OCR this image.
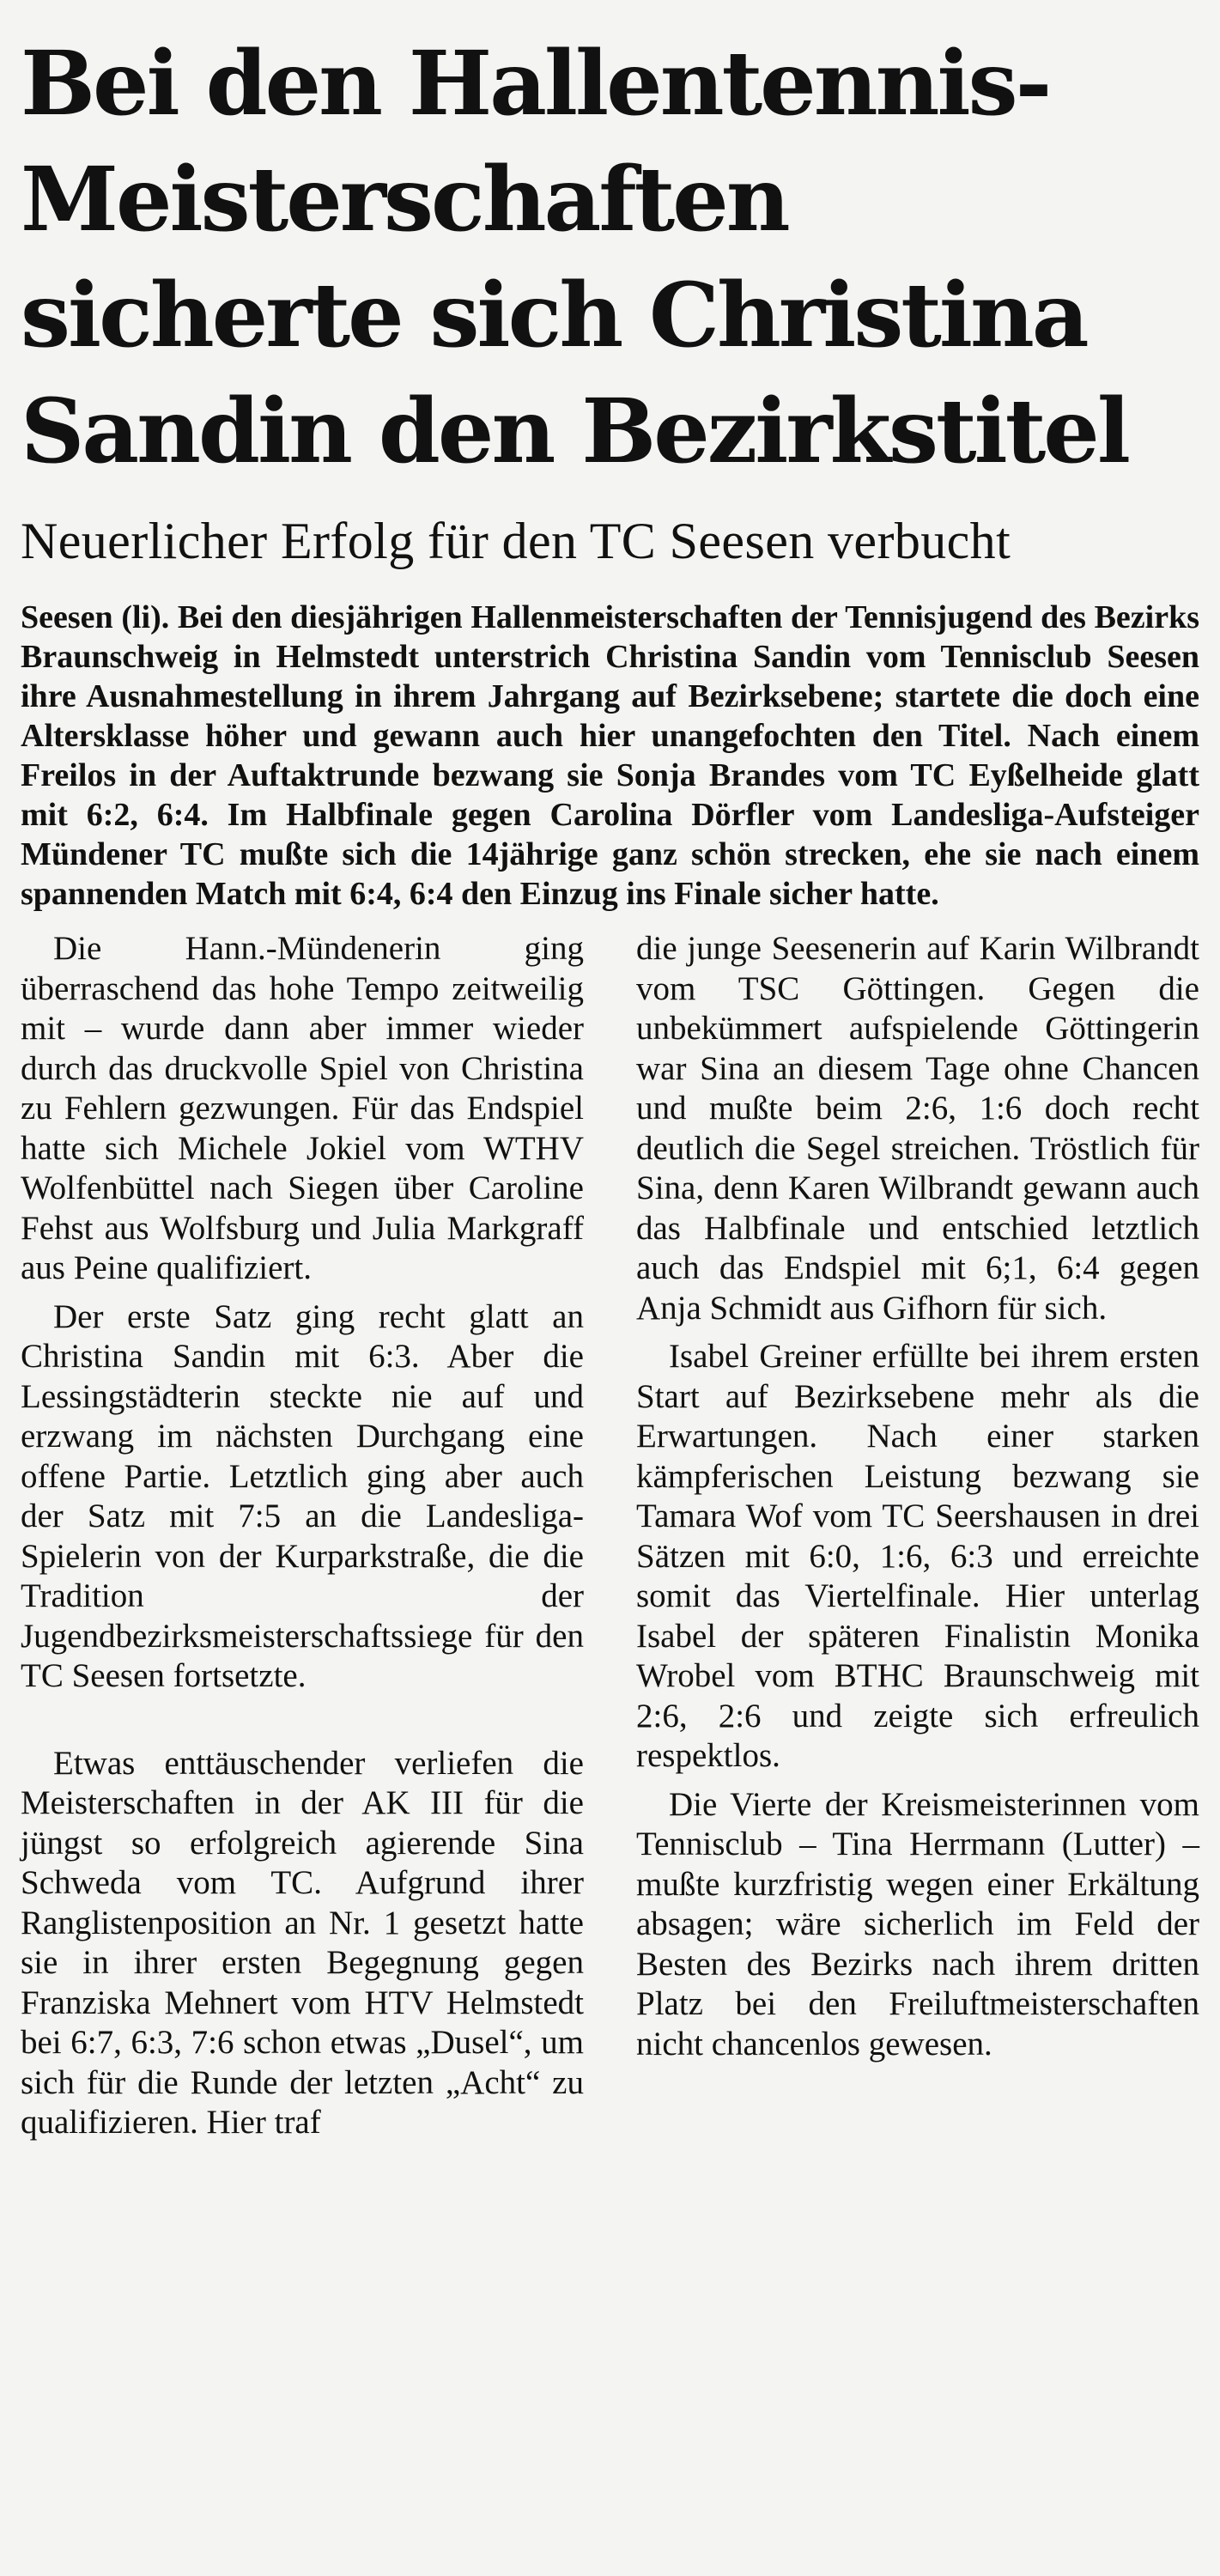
Bei den Hallentennis-
Meisterschaften
sicherte sich Christina
Sandin den Bezirkstitel
Neuerlicher Erfolg für den TC Seesen verbucht
Seesen (li). Bei den diesjährigen Hallenmeisterschaften der Tennisjugend des Bezirks Braunschweig in Helmstedt unterstrich Christina Sandin vom Tennisclub Seesen ihre Ausnahmestellung in ihrem Jahrgang auf Bezirksebene; startete die doch eine Altersklasse höher und gewann auch hier unangefochten den Titel. Nach einem Freilos in der Auftaktrunde bezwang sie Sonja Brandes vom TC Eyßelheide glatt mit 6:2, 6:4. Im Halbfinale gegen Carolina Dörfler vom Landesliga-Aufsteiger Mündener TC mußte sich die 14jährige ganz schön strecken, ehe sie nach einem spannenden Match mit 6:4, 6:4 den Einzug ins Finale sicher hatte.

Die Hann.-Mündenerin ging überraschend das hohe Tempo zeitweilig mit – wurde dann aber immer wieder durch das druckvolle Spiel von Christina zu Fehlern gezwungen. Für das Endspiel hatte sich Michele Jokiel vom WTHV Wolfenbüttel nach Siegen über Caroline Fehst aus Wolfsburg und Julia Markgraff aus Peine qualifiziert.

Der erste Satz ging recht glatt an Christina Sandin mit 6:3. Aber die Lessingstädterin steckte nie auf und erzwang im nächsten Durchgang eine offene Partie. Letztlich ging aber auch der Satz mit 7:5 an die Landesliga-Spielerin von der Kurparkstraße, die die Tradition der Jugendbezirksmeisterschaftssiege für den TC Seesen fortsetzte.

Etwas enttäuschender verliefen die Meisterschaften in der AK III für die jüngst so erfolgreich agierende Sina Schweda vom TC. Aufgrund ihrer Ranglistenposition an Nr. 1 gesetzt hatte sie in ihrer ersten Begegnung gegen Franziska Mehnert vom HTV Helmstedt bei 6:7, 6:3, 7:6 schon etwas „Dusel“, um sich für die Runde der letzten „Acht“ zu qualifizieren. Hier traf

die junge Seesenerin auf Karin Wilbrandt vom TSC Göttingen. Gegen die unbekümmert aufspielende Göttingerin war Sina an diesem Tage ohne Chancen und mußte beim 2:6, 1:6 doch recht deutlich die Segel streichen. Tröstlich für Sina, denn Karen Wilbrandt gewann auch das Halbfinale und entschied letztlich auch das Endspiel mit 6;1, 6:4 gegen Anja Schmidt aus Gifhorn für sich.

Isabel Greiner erfüllte bei ihrem ersten Start auf Bezirksebene mehr als die Erwartungen. Nach einer starken kämpferischen Leistung bezwang sie Tamara Wof vom TC Seershausen in drei Sätzen mit 6:0, 1:6, 6:3 und erreichte somit das Viertelfinale. Hier unterlag Isabel der späteren Finalistin Monika Wrobel vom BTHC Braunschweig mit 2:6, 2:6 und zeigte sich erfreulich respektlos.

Die Vierte der Kreismeisterinnen vom Tennisclub – Tina Herrmann (Lutter) – mußte kurzfristig wegen einer Erkältung absagen; wäre sicherlich im Feld der Besten des Bezirks nach ihrem dritten Platz bei den Freiluftmeisterschaften nicht chancenlos gewesen.
